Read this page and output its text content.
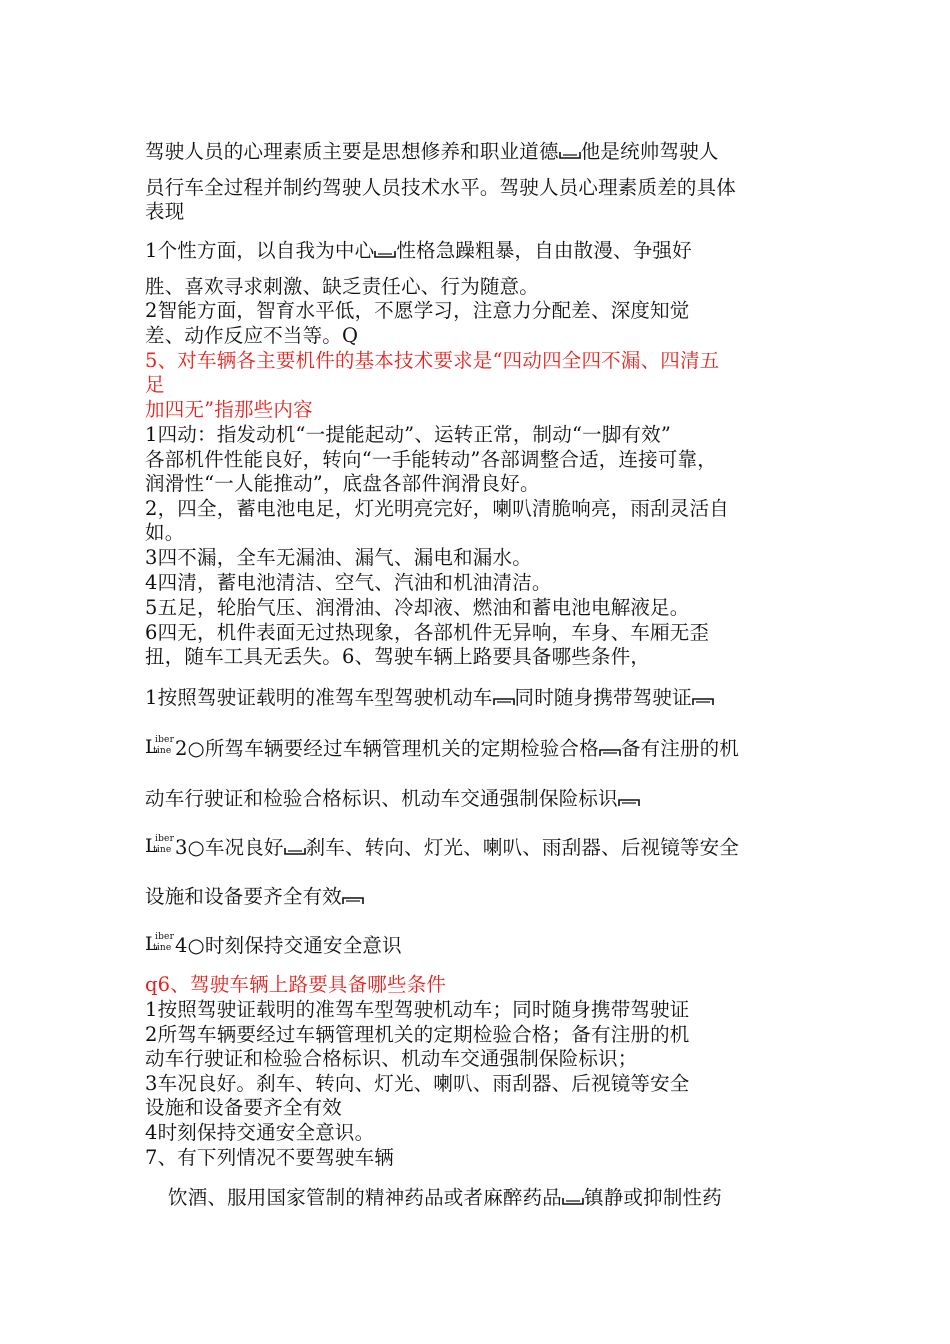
驾驶人员的心理素质主要是思想修养和职业道德 他是统帅驾驶人
员行车全过程并制约驾驶人员技术水平。驾驶人员心理素质差的具体
表现
1个性方面，以自我为中心 性格急躁粗暴，自由散漫、争强好
胜、喜欢寻求刺激、缺乏责任心、行为随意。
2智能方面，智育水平低，不愿学习，注意力分配差、深度知觉
差、动作反应不当等。Q
5、对车辆各主要机件的基本技术要求是“四动四全四不漏、四清五
足
加四无”指那些内容
1四动：指发动机“一提能起动”、运转正常，制动“一脚有效”
各部机件性能良好，转向“一手能转动”各部调整合适，连接可靠，
润滑性“一人能推动”，底盘各部件润滑良好。
2，四全，蓄电池电足，灯光明亮完好，喇叭清脆响亮，雨刮灵活自
如。
3四不漏，全车无漏油、漏气、漏电和漏水。
4四清，蓄电池清洁、空气、汽油和机油清洁。
5五足，轮胎气压、润滑油、冷却液、燃油和蓄电池电解液足。
6四无，机件表面无过热现象，各部机件无异响，车身、车厢无歪
扭，随车工具无丢失。6、驾驶车辆上路要具备哪些条件，
1按照驾驶证载明的准驾车型驾驶机动车 同时随身携带驾驶证
L
iber
tine 2○所驾车辆要经过车辆管理机关的定期检验合格 备有注册的机
动车行驶证和检验合格标识、机动车交通强制保险标识
L
iber
tine 3○车况良好 刹车、转向、灯光、喇叭、雨刮器、后视镜等安全
设施和设备要齐全有效
L
iber
tine 4○时刻保持交通安全意识
q6、驾驶车辆上路要具备哪些条件
1按照驾驶证载明的准驾车型驾驶机动车；同时随身携带驾驶证
2所驾车辆要经过车辆管理机关的定期检验合格；备有注册的机
动车行驶证和检验合格标识、机动车交通强制保险标识；
3车况良好。刹车、转向、灯光、喇叭、雨刮器、后视镜等安全
设施和设备要齐全有效
4时刻保持交通安全意识。
7、有下列情况不要驾驶车辆
饮酒、服用国家管制的精神药品或者麻醉药品 镇静或抑制性药
